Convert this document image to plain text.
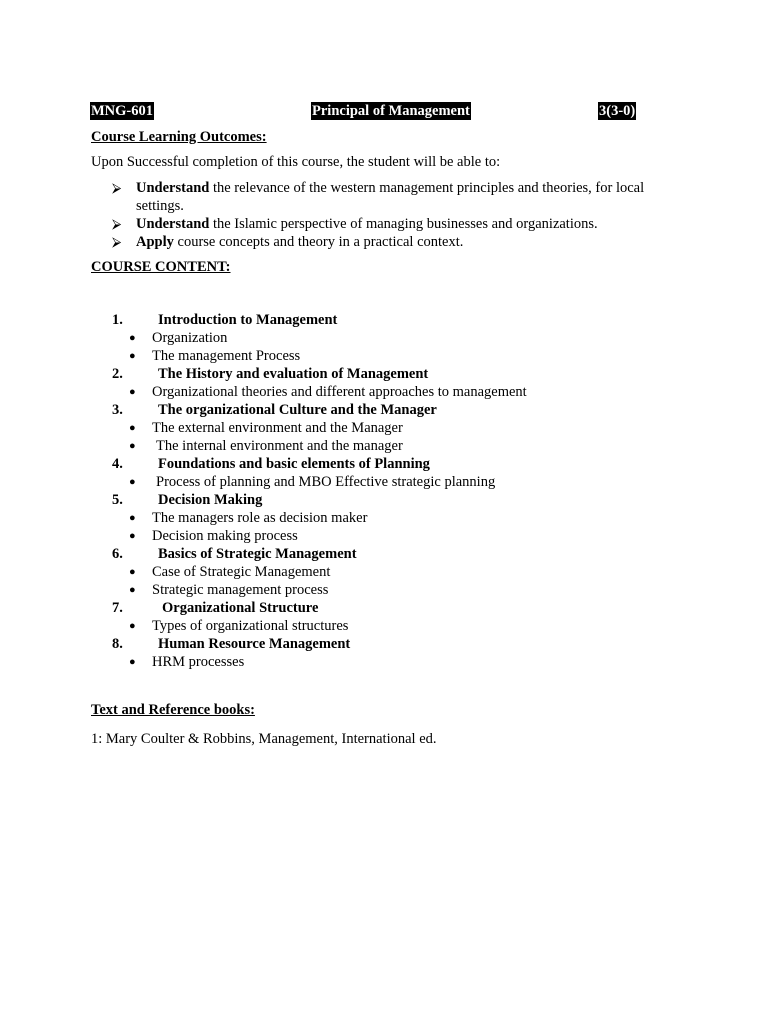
MNG-601	Principal of Management	3(3-0)
Course Learning Outcomes:
Upon Successful completion of this course, the student will be able to:
⮚ Understand the relevance of the western management principles and theories, for local settings.
⮚ Understand the Islamic perspective of managing businesses and organizations.
⮚ Apply course concepts and theory in a practical context.
COURSE CONTENT:
1. Introduction to Management
● Organization
● The management Process
2. The History and evaluation of Management
● Organizational theories and different approaches to management
3. The organizational Culture and the Manager
● The external environment and the Manager
● The internal environment and the manager
4. Foundations and basic elements of Planning
● Process of planning and MBO Effective strategic planning
5. Decision Making
● The managers role as decision maker
● Decision making process
6. Basics of Strategic Management
● Case of Strategic Management
● Strategic management process
7.	Organizational Structure
● Types of organizational structures
8. Human Resource Management
● HRM processes
Text and Reference books:
1: Mary Coulter & Robbins, Management, International ed.
